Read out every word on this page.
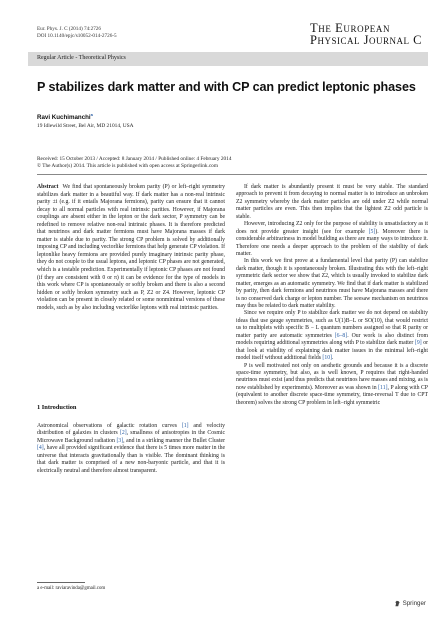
Eur. Phys. J. C (2014) 74:2726
DOI 10.1140/epjc/s10052-014-2726-5
The European
Physical Journal C
Regular Article - Theoretical Physics
P stabilizes dark matter and with CP can predict leptonic phases
Ravi Kuchimanchi$^a$
19 Idlewild Street, Bel Air, MD 21014, USA
Received: 15 October 2013 / Accepted: 8 January 2014 / Published online: 4 February 2014
© The Author(s) 2014. This article is published with open access at Springerlink.com
Abstract We find that spontaneously broken parity (P) or left–right symmetry stabilizes dark matter in a beautiful way. If dark matter has a non-real intrinsic parity ±i (e.g. if it entails Majorana fermions), parity can ensure that it cannot decay to all normal particles with real intrinsic parities. However, if Majorana couplings are absent either in the lepton or the dark sector, P symmetry can be redefined to remove relative non-real intrinsic phases. It is therefore predicted that neutrinos and dark matter fermions must have Majorana masses if dark matter is stable due to parity. The strong CP problem is solved by additionally imposing CP and including vectorlike fermions that help generate CP violation. If leptonlike heavy fermions are provided purely imaginary intrinsic parity phase, they do not couple to the usual leptons, and leptonic CP phases are not generated, which is a testable prediction. Experimentally if leptonic CP phases are not found (if they are consistent with 0 or π) it can be evidence for the type of models in this work where CP is spontaneously or softly broken and there is also a second hidden or softly broken symmetry such as P, Z2 or Z4. However, leptonic CP violation can be present in closely related or some nonminimal versions of these models, such as by also including vectorlike leptons with real intrinsic parities.
1 Introduction
Astronomical observations of galactic rotation curves [1] and velocity distribution of galaxies in clusters [2], smallness of anisotropies in the Cosmic Microwave Background radiation [3], and in a striking manner the Bullet Cluster [4], have all provided significant evidence that there is 5 times more matter in the universe that interacts gravitationally than is visible. The dominant thinking is that dark matter is comprised of a new non-baryonic particle, and that it is electrically neutral and therefore almost transparent.
a e-mail: raviaravinda@gmail.com

If dark matter is abundantly present it must be very stable. The standard approach to prevent it from decaying to normal matter is to introduce an unbroken Z2 symmetry whereby the dark matter particles are odd under Z2 while normal matter particles are even. This then implies that the lightest Z2 odd particle is stable.

However, introducing Z2 only for the purpose of stability is unsatisfactory as it does not provide greater insight (see for example [5]). Moreover there is considerable arbitrariness in model building as there are many ways to introduce it. Therefore one needs a deeper approach to the problem of the stability of dark matter.

In this work we first prove at a fundamental level that parity (P) can stabilize dark matter, though it is spontaneously broken. Illustrating this with the left–right symmetric dark sector we show that Z2, which is usually invoked to stabilize dark matter, emerges as an automatic symmetry. We find that if dark matter is stabilized by parity, then dark fermions and neutrinos must have Majorana masses and there is no conserved dark charge or lepton number. The seesaw mechanism on neutrinos may thus be related to dark matter stability.

Since we require only P to stabilize dark matter we do not depend on stability ideas that use gauge symmetries, such as U(1)B−L or SO(10), that would restrict us to multiplets with specific B − L quantum numbers assigned so that R parity or matter parity are automatic symmetries [6–8]. Our work is also distinct from models requiring additional symmetries along with P to stabilize dark matter [9] or that look at viability of explaining dark matter issues in the minimal left–right model itself without additional fields [10].

P is well motivated not only on aesthetic grounds and because it is a discrete space-time symmetry, but also, as is well known, P requires that right-handed neutrinos must exist (and thus predicts that neutrinos have masses and mixing, as is now established by experiments). Moreover as was shown in [11], P along with CP (equivalent to another discrete space-time symmetry, time-reversal T due to CPT theorem) solves the strong CP problem in left–right symmetric

Springer
